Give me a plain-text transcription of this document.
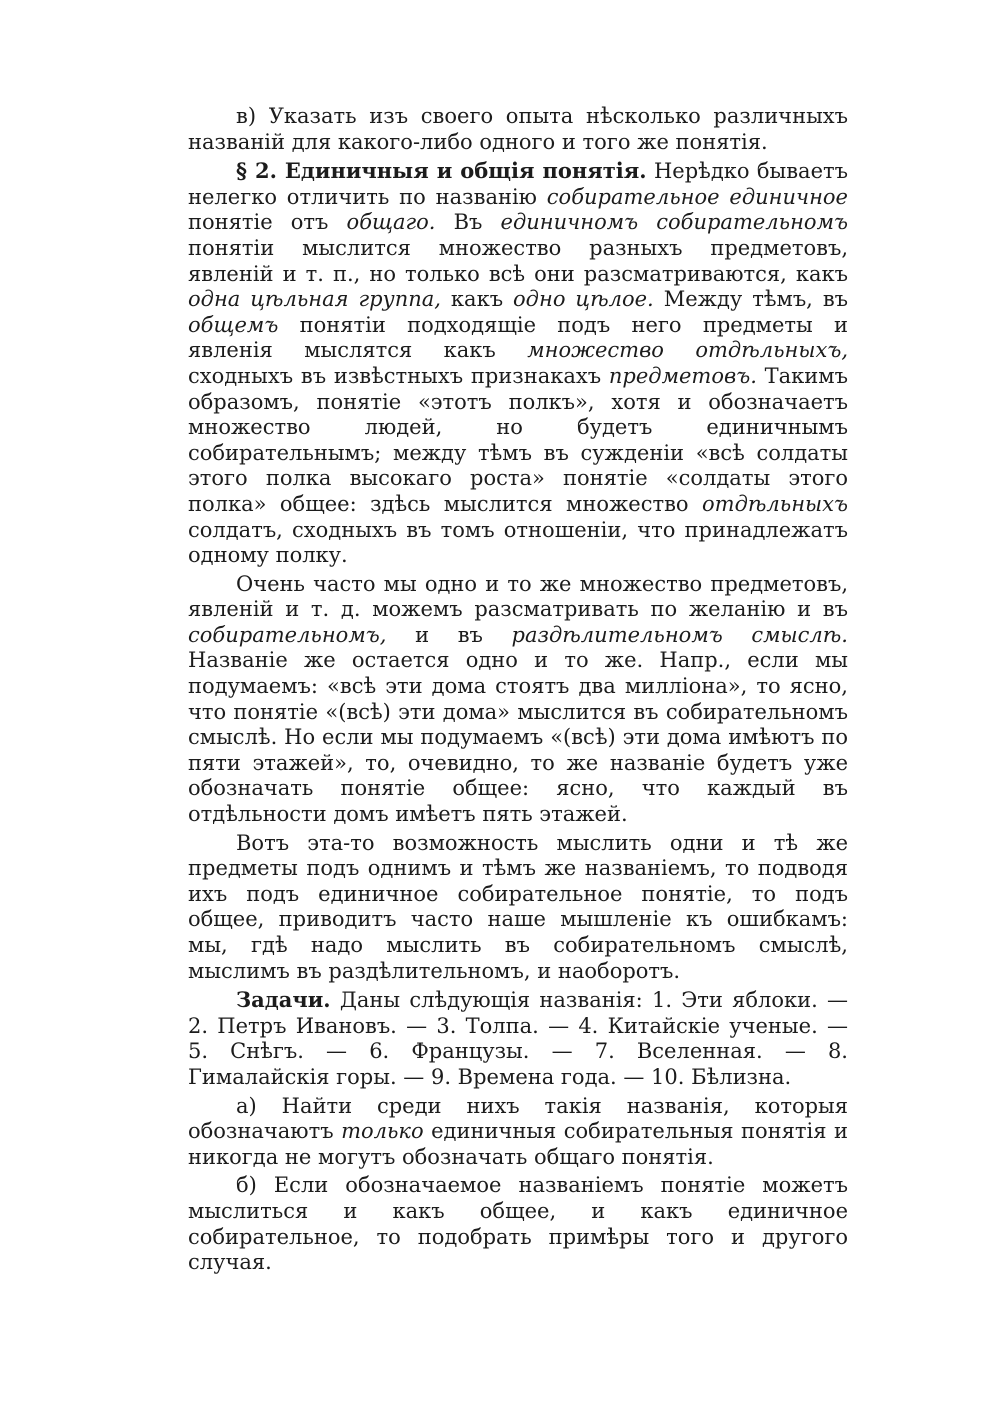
в) Указать изъ своего опыта нѣсколько различныхъ названій для какого-либо одного и того же понятія.

§ 2. Единичныя и общія понятія. Нерѣдко бываетъ нелегко отличить по названію собирательное единичное понятіе отъ общаго. Въ единичномъ собирательномъ понятіи мыслится множество разныхъ предметовъ, явленій и т. п., но только всѣ они разсматриваются, какъ одна цѣльная группа, какъ одно цѣлое. Между тѣмъ, въ общемъ понятіи подходящіе подъ него предметы и явленія мыслятся какъ множество отдѣльныхъ, сходныхъ въ извѣстныхъ признакахъ предметовъ. Такимъ образомъ, понятіе «этотъ полкъ», хотя и обозначаетъ множество людей, но будетъ единичнымъ собирательнымъ; между тѣмъ въ сужденіи «всѣ солдаты этого полка высокаго роста» понятіе «солдаты этого полка» общее: здѣсь мыслится множество отдѣльныхъ солдатъ, сходныхъ въ томъ отношеніи, что принадлежатъ одному полку.

Очень часто мы одно и то же множество предметовъ, явленій и т. д. можемъ разсматривать по желанію и въ собирательномъ, и въ раздѣлительномъ смыслѣ. Названіе же остается одно и то же. Напр., если мы подумаемъ: «всѣ эти дома стоятъ два милліона», то ясно, что понятіе «(всѣ) эти дома» мыслится въ собирательномъ смыслѣ. Но если мы подумаемъ «(всѣ) эти дома имѣютъ по пяти этажей», то, очевидно, то же названіе будетъ уже обозначать понятіе общее: ясно, что каждый въ отдѣльности домъ имѣетъ пять этажей.

Вотъ эта-то возможность мыслить одни и тѣ же предметы подъ однимъ и тѣмъ же названіемъ, то подводя ихъ подъ единичное собирательное понятіе, то подъ общее, приводитъ часто наше мышленіе къ ошибкамъ: мы, гдѣ надо мыслить въ собирательномъ смыслѣ, мыслимъ въ раздѣлительномъ, и наоборотъ.

Задачи. Даны слѣдующія названія: 1. Эти яблоки. — 2. Петръ Ивановъ. — 3. Толпа. — 4. Китайскіе ученые. — 5. Снѣгъ. — 6. Французы. — 7. Вселенная. — 8. Гималайскія горы. — 9. Времена года. — 10. Бѣлизна.

а) Найти среди нихъ такія названія, которыя обозначаютъ только единичныя собирательныя понятія и никогда не могутъ обозначать общаго понятія.

б) Если обозначаемое названіемъ понятіе можетъ мыслиться и какъ общее, и какъ единичное собирательное, то подобрать примѣры того и другого случая.
